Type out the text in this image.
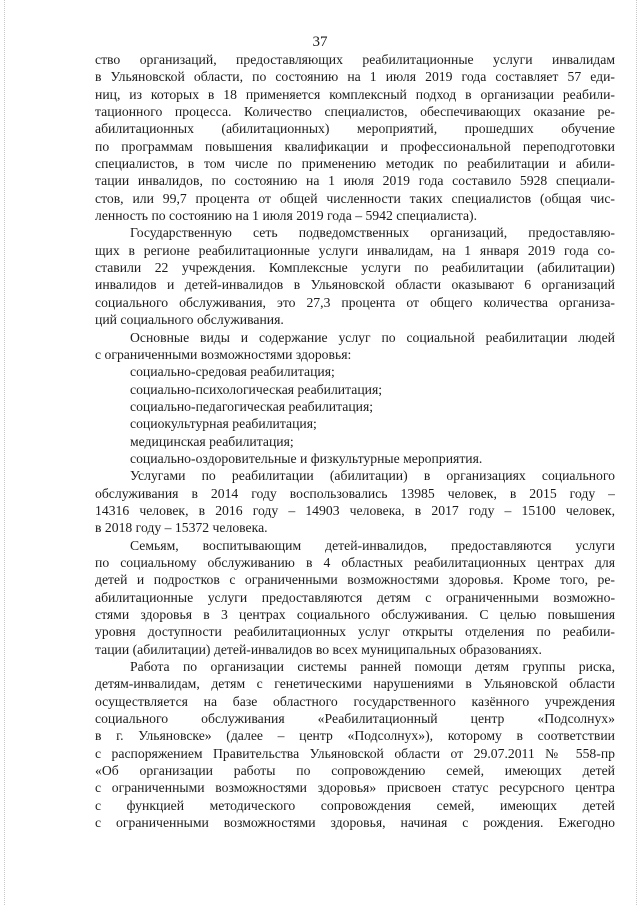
37
ство организаций, предоставляющих реабилитационные услуги инвалидам
в Ульяновской области, по состоянию на 1 июля 2019 года составляет 57 еди-
ниц, из которых в 18 применяется комплексный подход в организации реабили-
тационного процесса. Количество специалистов, обеспечивающих оказание ре-
абилитационных (абилитационных) мероприятий, прошедших обучение
по программам повышения квалификации и профессиональной переподготовки
специалистов, в том числе по применению методик по реабилитации и абили-
тации инвалидов, по состоянию на 1 июля 2019 года составило 5928 специали-
стов, или 99,7 процента от общей численности таких специалистов (общая чис-
ленность по состоянию на 1 июля 2019 года – 5942 специалиста).
Государственную сеть подведомственных организаций, предоставляю-
щих в регионе реабилитационные услуги инвалидам, на 1 января 2019 года со-
ставили 22 учреждения. Комплексные услуги по реабилитации (абилитации)
инвалидов и детей-инвалидов в Ульяновской области оказывают 6 организаций
социального обслуживания, это 27,3 процента от общего количества организа-
ций социального обслуживания.
Основные виды и содержание услуг по социальной реабилитации людей
с ограниченными возможностями здоровья:
социально-средовая реабилитация;
социально-психологическая реабилитация;
социально-педагогическая реабилитация;
социокультурная реабилитация;
медицинская реабилитация;
социально-оздоровительные и физкультурные мероприятия.
Услугами по реабилитации (абилитации) в организациях социального
обслуживания в 2014 году воспользовались 13985 человек, в 2015 году –
14316 человек, в 2016 году – 14903 человека, в 2017 году – 15100 человек,
в 2018 году – 15372 человека.
Семьям, воспитывающим детей-инвалидов, предоставляются услуги
по социальному обслуживанию в 4 областных реабилитационных центрах для
детей и подростков с ограниченными возможностями здоровья. Кроме того, ре-
абилитационные услуги предоставляются детям с ограниченными возможно-
стями здоровья в 3 центрах социального обслуживания. С целью повышения
уровня доступности реабилитационных услуг открыты отделения по реабили-
тации (абилитации) детей-инвалидов во всех муниципальных образованиях.
Работа по организации системы ранней помощи детям группы риска,
детям-инвалидам, детям с генетическими нарушениями в Ульяновской области
осуществляется на базе областного государственного казённого учреждения
социального обслуживания «Реабилитационный центр «Подсолнух»
в г. Ульяновске» (далее – центр «Подсолнух»), которому в соответствии
с распоряжением Правительства Ульяновской области от 29.07.2011 № 558-пр
«Об организации работы по сопровождению семей, имеющих детей
с ограниченными возможностями здоровья» присвоен статус ресурсного центра
с функцией методического сопровождения семей, имеющих детей
с ограниченными возможностями здоровья, начиная с рождения. Ежегодно
